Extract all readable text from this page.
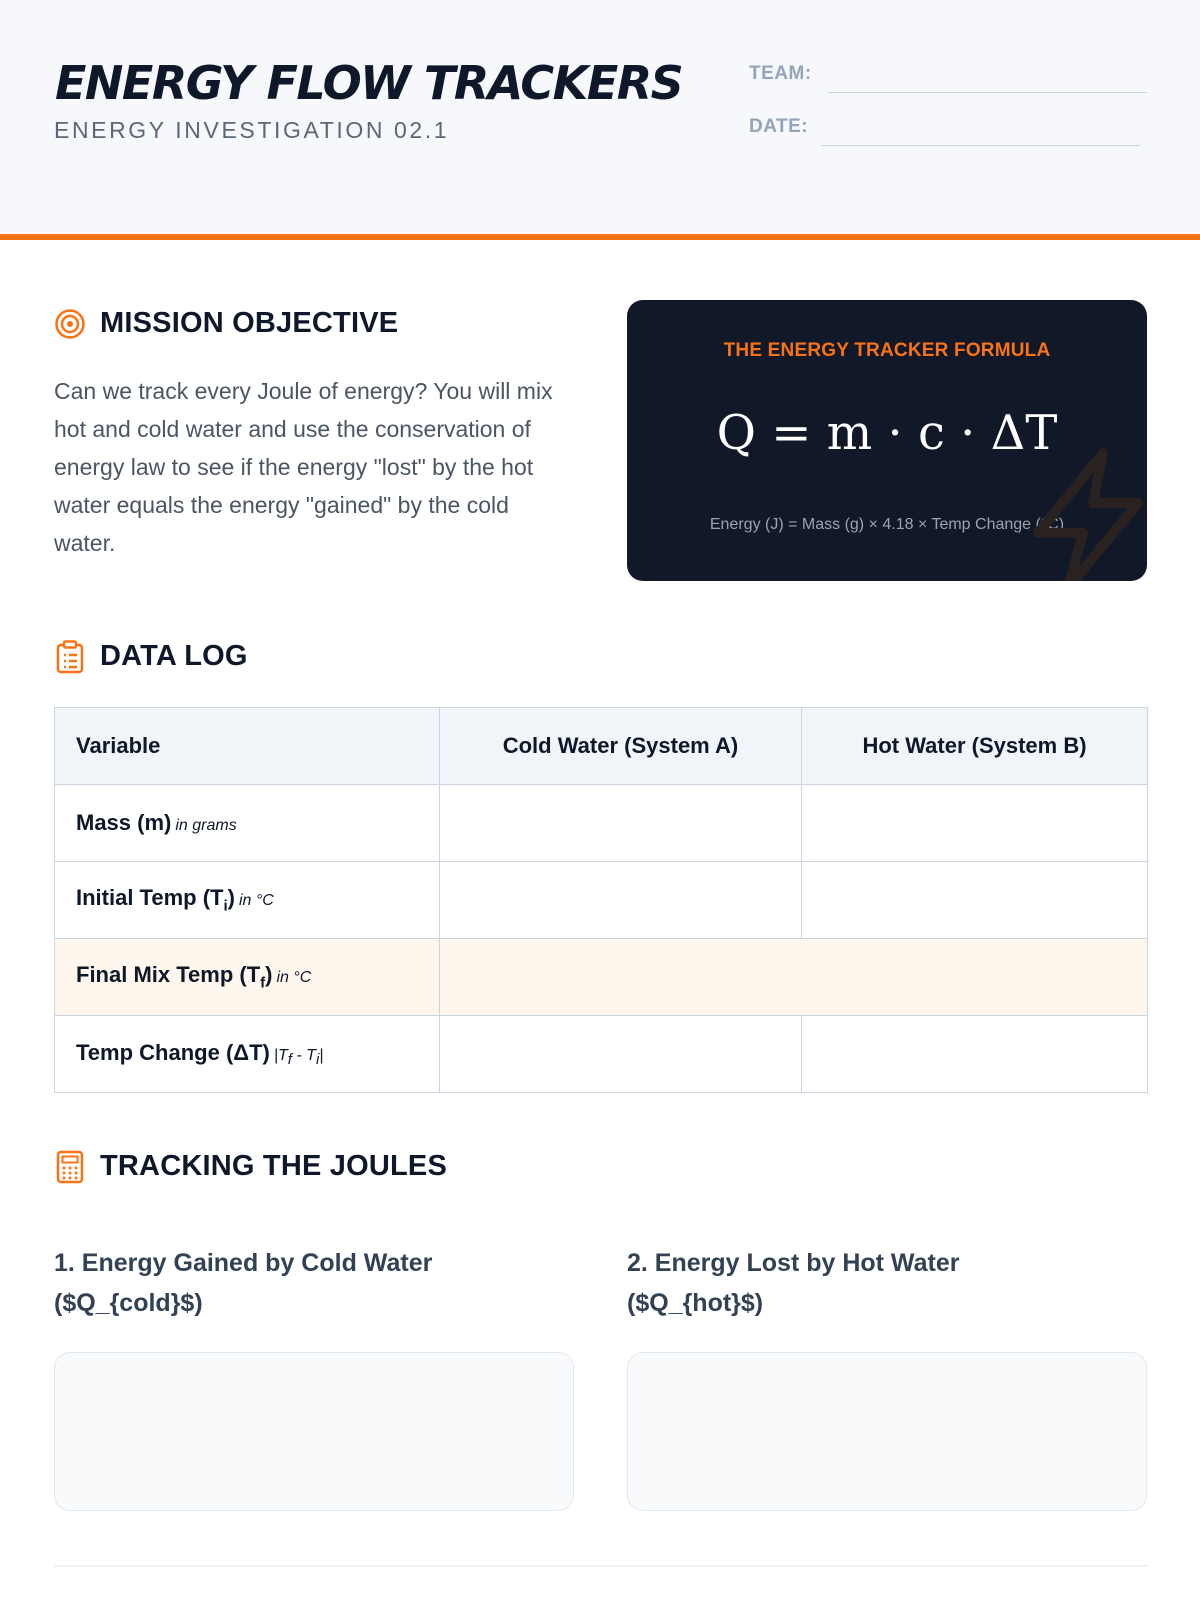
ENERGY FLOW TRACKERS
ENERGY INVESTIGATION 02.1
TEAM:
DATE:
MISSION OBJECTIVE

Can we track every Joule of energy? You will mix hot and cold water and use the conservation of energy law to see if the energy "lost" by the hot water equals the energy "gained" by the cold water.

THE ENERGY TRACKER FORMULA
Q = m · c · ΔT
Energy (J) = Mass (g) × 4.18 × Temp Change (°C)
DATA LOG
Variable	Cold Water (System A)	Hot Water (System B)
Mass (m) in grams		
Initial Temp $(T_i)$ in °C		
Final Mix Temp $(T_f)$ in °C		
Temp Change (ΔT) $|T_f - T_i|$		
TRACKING THE JOULES
1. Energy Gained by Cold Water
($Q_{cold}$)
2. Energy Lost by Hot Water
($Q_{hot}$)
